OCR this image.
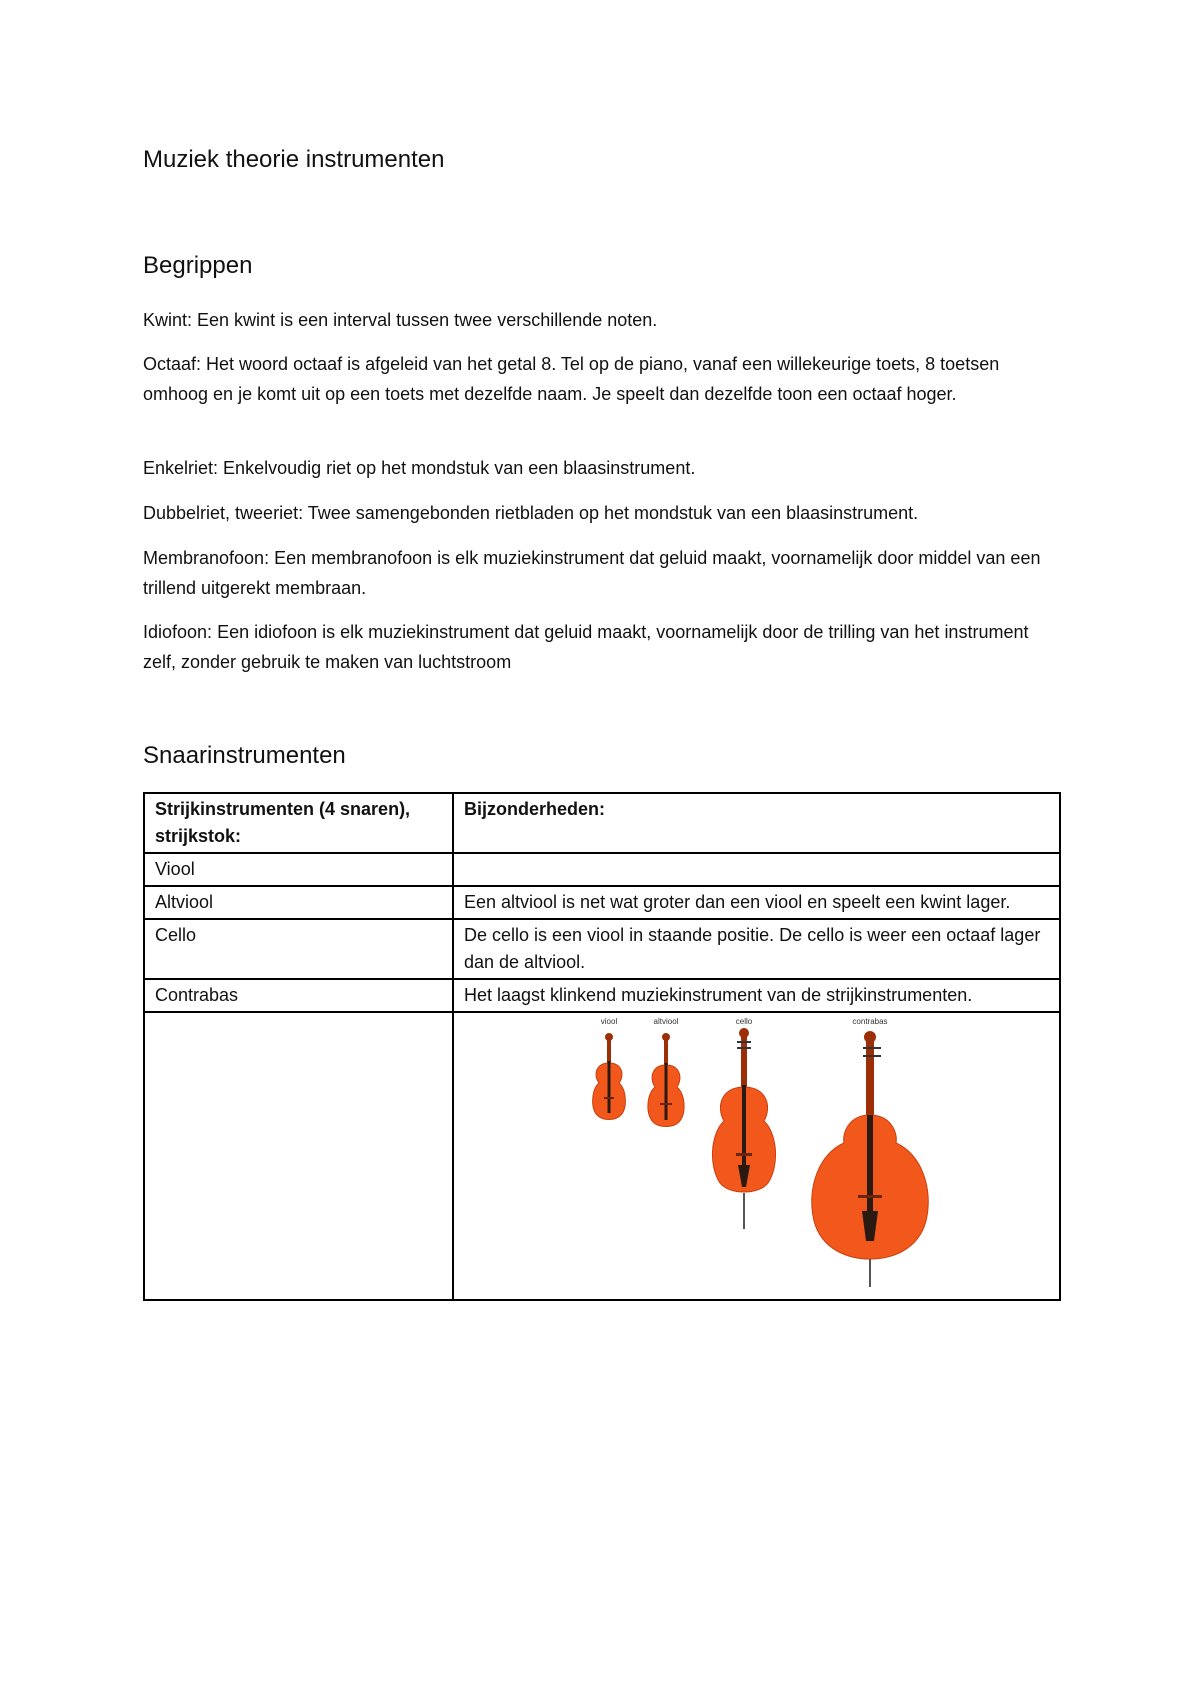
Muziek theorie instrumenten
Begrippen

Kwint: Een kwint is een interval tussen twee verschillende noten.

Octaaf: Het woord octaaf is afgeleid van het getal 8. Tel op de piano, vanaf een willekeurige toets, 8 toetsen omhoog en je komt uit op een toets met dezelfde naam. Je speelt dan dezelfde toon een octaaf hoger.

Enkelriet: Enkelvoudig riet op het mondstuk van een blaasinstrument.

Dubbelriet, tweeriet: Twee samengebonden rietbladen op het mondstuk van een blaasinstrument.

Membranofoon: Een membranofoon is elk muziekinstrument dat geluid maakt, voornamelijk door middel van een trillend uitgerekt membraan.

Idiofoon: Een idiofoon is elk muziekinstrument dat geluid maakt, voornamelijk door de trilling van het instrument zelf, zonder gebruik te maken van luchtstroom

Snaarinstrumenten
Strijkinstrumenten (4 snaren), strijkstok:	Bijzonderheden:
Viool	
Altviool	Een altviool is net wat groter dan een viool en speelt een kwint lager.
Cello	De cello is een viool in staande positie. De cello is weer een octaaf lager dan de altviool.
Contrabas	Het laagst klinkend muziekinstrument van de strijkinstrumenten.

viool altviool cello contrabas
